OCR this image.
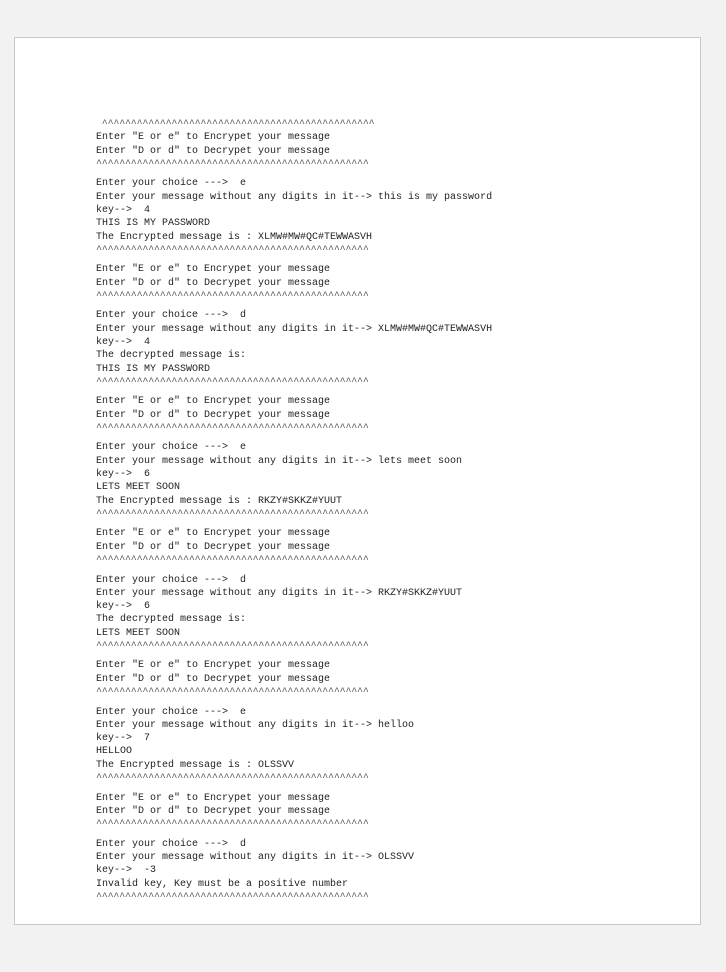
^^^^^^^^^^^^^^^^^^^^^^^^^^^^^^^^^^^^^^^^^^^^^^^
Enter "E or e" to Encrypet your message
Enter "D or d" to Decrypet your message
^^^^^^^^^^^^^^^^^^^^^^^^^^^^^^^^^^^^^^^^^^^^^^^
Enter your choice --->  e
Enter your message without any digits in it--> this is my password
key-->  4
THIS IS MY PASSWORD
The Encrypted message is : XLMW#MW#QC#TEWWASVH
^^^^^^^^^^^^^^^^^^^^^^^^^^^^^^^^^^^^^^^^^^^^^^^
Enter "E or e" to Encrypet your message
Enter "D or d" to Decrypet your message
^^^^^^^^^^^^^^^^^^^^^^^^^^^^^^^^^^^^^^^^^^^^^^^
Enter your choice --->  d
Enter your message without any digits in it--> XLMW#MW#QC#TEWWASVH
key-->  4
The decrypted message is:
THIS IS MY PASSWORD
^^^^^^^^^^^^^^^^^^^^^^^^^^^^^^^^^^^^^^^^^^^^^^^
Enter "E or e" to Encrypet your message
Enter "D or d" to Decrypet your message
^^^^^^^^^^^^^^^^^^^^^^^^^^^^^^^^^^^^^^^^^^^^^^^
Enter your choice --->  e
Enter your message without any digits in it--> lets meet soon
key-->  6
LETS MEET SOON
The Encrypted message is : RKZY#SKKZ#YUUT
^^^^^^^^^^^^^^^^^^^^^^^^^^^^^^^^^^^^^^^^^^^^^^^
Enter "E or e" to Encrypet your message
Enter "D or d" to Decrypet your message
^^^^^^^^^^^^^^^^^^^^^^^^^^^^^^^^^^^^^^^^^^^^^^^
Enter your choice --->  d
Enter your message without any digits in it--> RKZY#SKKZ#YUUT
key-->  6
The decrypted message is:
LETS MEET SOON
^^^^^^^^^^^^^^^^^^^^^^^^^^^^^^^^^^^^^^^^^^^^^^^
Enter "E or e" to Encrypet your message
Enter "D or d" to Decrypet your message
^^^^^^^^^^^^^^^^^^^^^^^^^^^^^^^^^^^^^^^^^^^^^^^
Enter your choice --->  e
Enter your message without any digits in it--> helloo
key-->  7
HELLOO
The Encrypted message is : OLSSVV
^^^^^^^^^^^^^^^^^^^^^^^^^^^^^^^^^^^^^^^^^^^^^^^
Enter "E or e" to Encrypet your message
Enter "D or d" to Decrypet your message
^^^^^^^^^^^^^^^^^^^^^^^^^^^^^^^^^^^^^^^^^^^^^^^
Enter your choice --->  d
Enter your message without any digits in it--> OLSSVV
key-->  -3
Invalid key, Key must be a positive number
^^^^^^^^^^^^^^^^^^^^^^^^^^^^^^^^^^^^^^^^^^^^^^^
